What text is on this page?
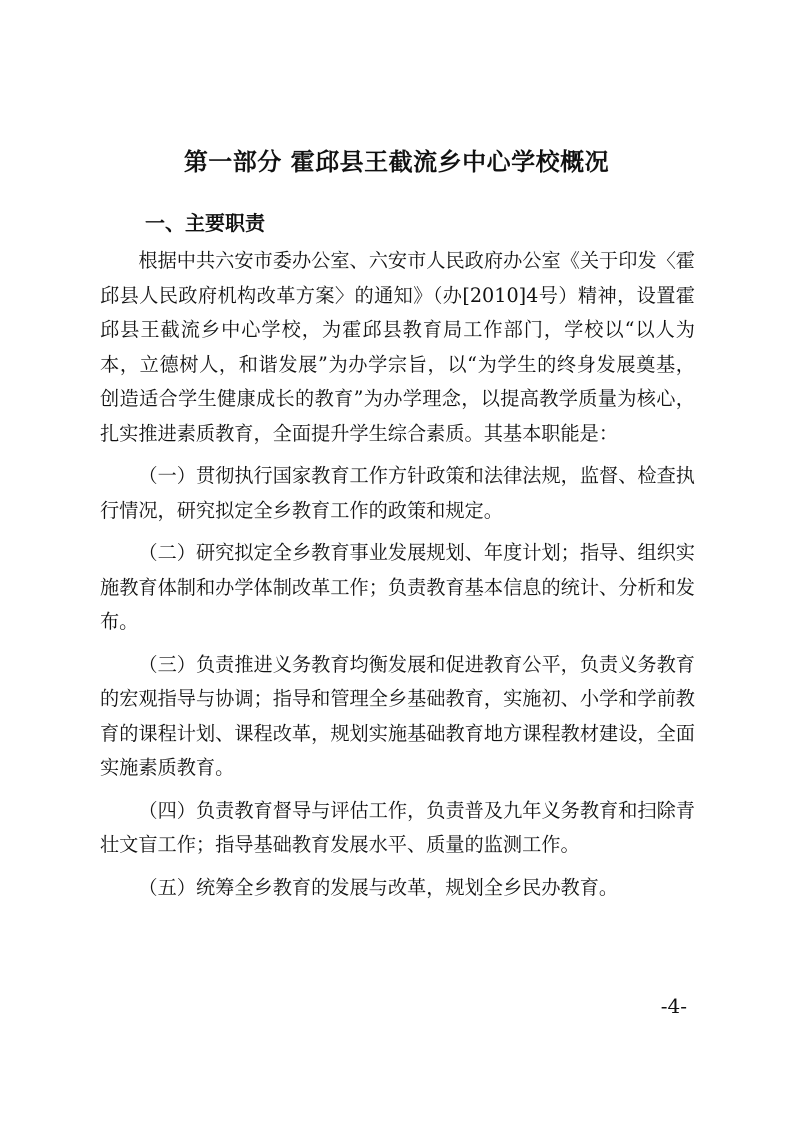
第一部分 霍邱县王截流乡中心学校概况
一、主要职责

根据中共六安市委办公室、六安市人民政府办公室《关于印发〈霍邱县人民政府机构改革方案〉的通知》（办[2010]4号）精神，设置霍邱县王截流乡中心学校，为霍邱县教育局工作部门，学校以“以人为本，立德树人，和谐发展”为办学宗旨，以“为学生的终身发展奠基，创造适合学生健康成长的教育”为办学理念，以提高教学质量为核心，扎实推进素质教育，全面提升学生综合素质。其基本职能是：

（一）贯彻执行国家教育工作方针政策和法律法规，监督、检查执行情况，研究拟定全乡教育工作的政策和规定。

（二）研究拟定全乡教育事业发展规划、年度计划；指导、组织实施教育体制和办学体制改革工作；负责教育基本信息的统计、分析和发布。

（三）负责推进义务教育均衡发展和促进教育公平，负责义务教育的宏观指导与协调；指导和管理全乡基础教育，实施初、小学和学前教育的课程计划、课程改革，规划实施基础教育地方课程教材建设，全面实施素质教育。

（四）负责教育督导与评估工作，负责普及九年义务教育和扫除青壮文盲工作；指导基础教育发展水平、质量的监测工作。

（五）统筹全乡教育的发展与改革，规划全乡民办教育。

-4-
